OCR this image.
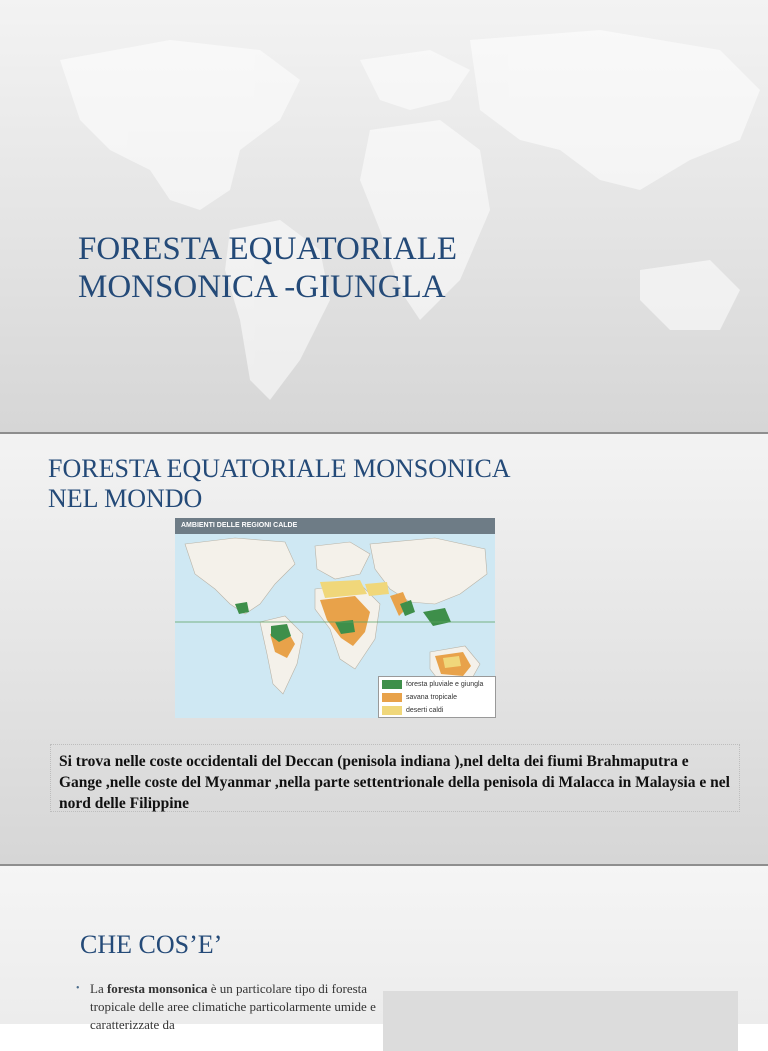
FORESTA EQUATORIALE
MONSONICA -GIUNGLA
FORESTA EQUATORIALE MONSONICA
NEL MONDO
AMBIENTI DELLE REGIONI CALDE
foresta pluviale e giungla
savana tropicale
deserti caldi
Si trova nelle coste occidentali del Deccan (penisola indiana ),nel delta dei fiumi Brahmaputra e Gange ,nelle coste del Myanmar ,nella parte settentrionale della penisola di Malacca in Malaysia e nel nord delle Filippine
CHE COS’E’
• La foresta monsonica è un particolare tipo di foresta tropicale delle aree climatiche particolarmente umide e caratterizzate da
